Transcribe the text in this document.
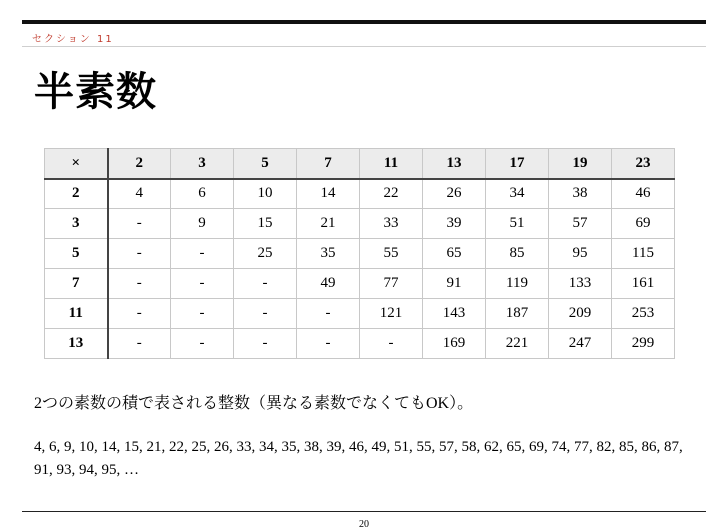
セクション 11
半素数
×	2	3	5	7	11	13	17	19	23
2	4	6	10	14	22	26	34	38	46
3	-	9	15	21	33	39	51	57	69
5	-	-	25	35	55	65	85	95	115
7	-	-	-	49	77	91	119	133	161
11	-	-	-	-	121	143	187	209	253
13	-	-	-	-	-	169	221	247	299
2つの素数の積で表される整数（異なる素数でなくてもOK）。
4, 6, 9, 10, 14, 15, 21, 22, 25, 26, 33, 34, 35, 38, 39, 46, 49, 51, 55, 57, 58, 62, 65, 69, 74, 77, 82, 85, 86, 87, 91, 93, 94, 95, …
20
